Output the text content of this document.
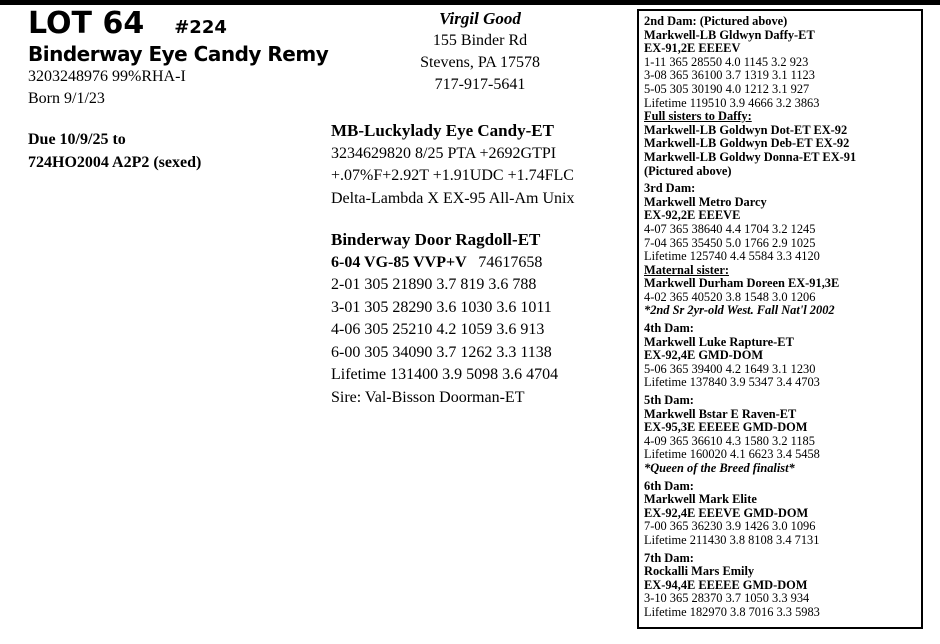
LOT 64 #224
Binderway Eye Candy Remy
3203248976 99%RHA-I
Born 9/1/23
Due 10/9/25 to
724HO2004 A2P2 (sexed)
Virgil Good
155 Binder Rd
Stevens, PA 17578
717-917-5641
MB-Luckylady Eye Candy-ET
3234629820 8/25 PTA +2692GTPI
+.07%F+2.92T +1.91UDC +1.74FLC
Delta-Lambda X EX-95 All-Am Unix
Binderway Door Ragdoll-ET
6-04 VG-85 VVP+V 74617658
2-01 305 21890 3.7 819 3.6 788
3-01 305 28290 3.6 1030 3.6 1011
4-06 305 25210 4.2 1059 3.6 913
6-00 305 34090 3.7 1262 3.3 1138
Lifetime 131400 3.9 5098 3.6 4704
Sire: Val-Bisson Doorman-ET
2nd Dam: (Pictured above)
Markwell-LB Gldwyn Daffy-ET
EX-91,2E EEEEV
1-11 365 28550 4.0 1145 3.2 923
3-08 365 36100 3.7 1319 3.1 1123
5-05 305 30190 4.0 1212 3.1 927
Lifetime 119510 3.9 4666 3.2 3863
Full sisters to Daffy:
Markwell-LB Goldwyn Dot-ET EX-92
Markwell-LB Goldwyn Deb-ET EX-92
Markwell-LB Goldwy Donna-ET EX-91
(Pictured above)
3rd Dam:
Markwell Metro Darcy
EX-92,2E EEEVE
4-07 365 38640 4.4 1704 3.2 1245
7-04 365 35450 5.0 1766 2.9 1025
Lifetime 125740 4.4 5584 3.3 4120
Maternal sister:
Markwell Durham Doreen EX-91,3E
4-02 365 40520 3.8 1548 3.0 1206
*2nd Sr 2yr-old West. Fall Nat'l 2002
4th Dam:
Markwell Luke Rapture-ET
EX-92,4E GMD-DOM
5-06 365 39400 4.2 1649 3.1 1230
Lifetime 137840 3.9 5347 3.4 4703
5th Dam:
Markwell Bstar E Raven-ET
EX-95,3E EEEEE GMD-DOM
4-09 365 36610 4.3 1580 3.2 1185
Lifetime 160020 4.1 6623 3.4 5458
*Queen of the Breed finalist*
6th Dam:
Markwell Mark Elite
EX-92,4E EEEVE GMD-DOM
7-00 365 36230 3.9 1426 3.0 1096
Lifetime 211430 3.8 8108 3.4 7131
7th Dam:
Rockalli Mars Emily
EX-94,4E EEEEE GMD-DOM
3-10 365 28370 3.7 1050 3.3 934
Lifetime 182970 3.8 7016 3.3 5983
